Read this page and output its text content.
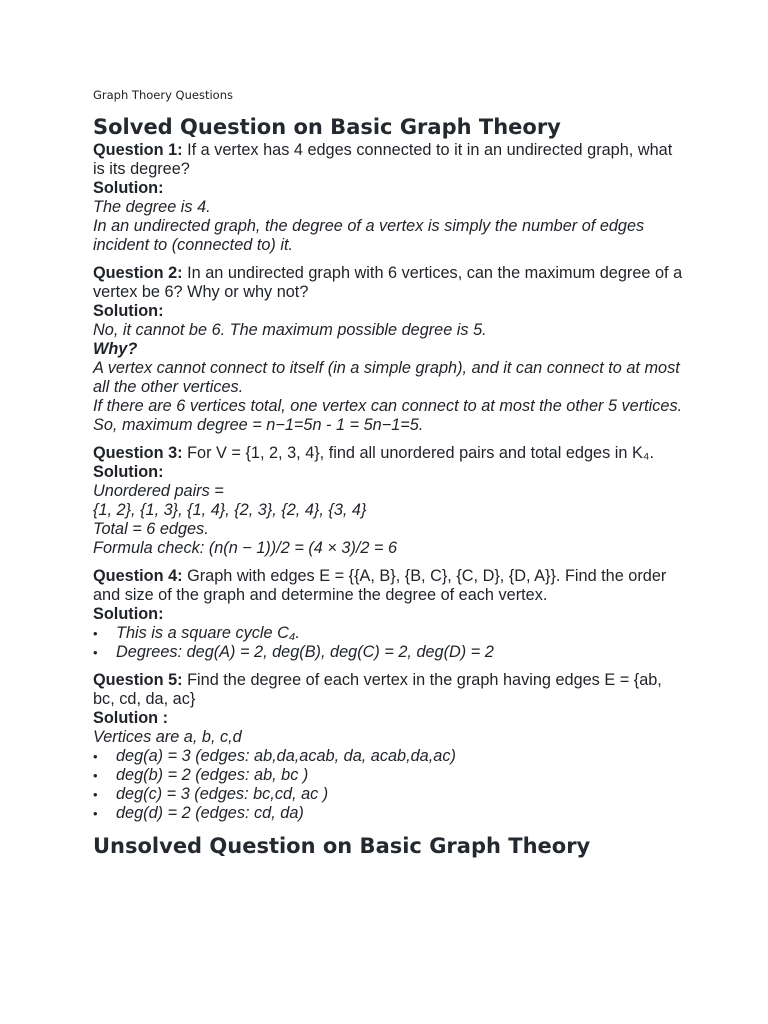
Graph Thoery Questions
Solved Question on Basic Graph Theory

Question 1: If a vertex has 4 edges connected to it in an undirected graph, what is its degree?

Solution:

The degree is 4.

In an undirected graph, the degree of a vertex is simply the number of edges incident to (connected to) it.

Question 2: In an undirected graph with 6 vertices, can the maximum degree of a vertex be 6? Why or why not?

Solution:

No, it cannot be 6. The maximum possible degree is 5.

Why?

A vertex cannot connect to itself (in a simple graph), and it can connect to at most all the other vertices.

If there are 6 vertices total, one vertex can connect to at most the other 5 vertices.

So, maximum degree = n−1=5n - 1 = 5n−1=5.

Question 3: For V = {1, 2, 3, 4}, find all unordered pairs and total edges in K₄.

Solution:

Unordered pairs =

{1, 2}, {1, 3}, {1, 4}, {2, 3}, {2, 4}, {3, 4}

Total = 6 edges.

Formula check: (n(n − 1))/2 = (4 × 3)/2 = 6

Question 4: Graph with edges E = {{A, B}, {B, C}, {C, D}, {D, A}}. Find the order and size of the graph and determine the degree of each vertex.

Solution:

• This is a square cycle C₄.
• Degrees: deg(A) = 2, deg(B), deg(C) = 2, deg(D) = 2

Question 5: Find the degree of each vertex in the graph having edges E = {ab, bc, cd, da, ac}

Solution :

Vertices are a, b, c,d

• deg(a) = 3 (edges: ab,da,acab, da, acab,da,ac)
• deg(b) = 2 (edges: ab, bc )
• deg(c) = 3 (edges: bc,cd, ac )
• deg(d) = 2 (edges: cd, da)
Unsolved Question on Basic Graph Theory
